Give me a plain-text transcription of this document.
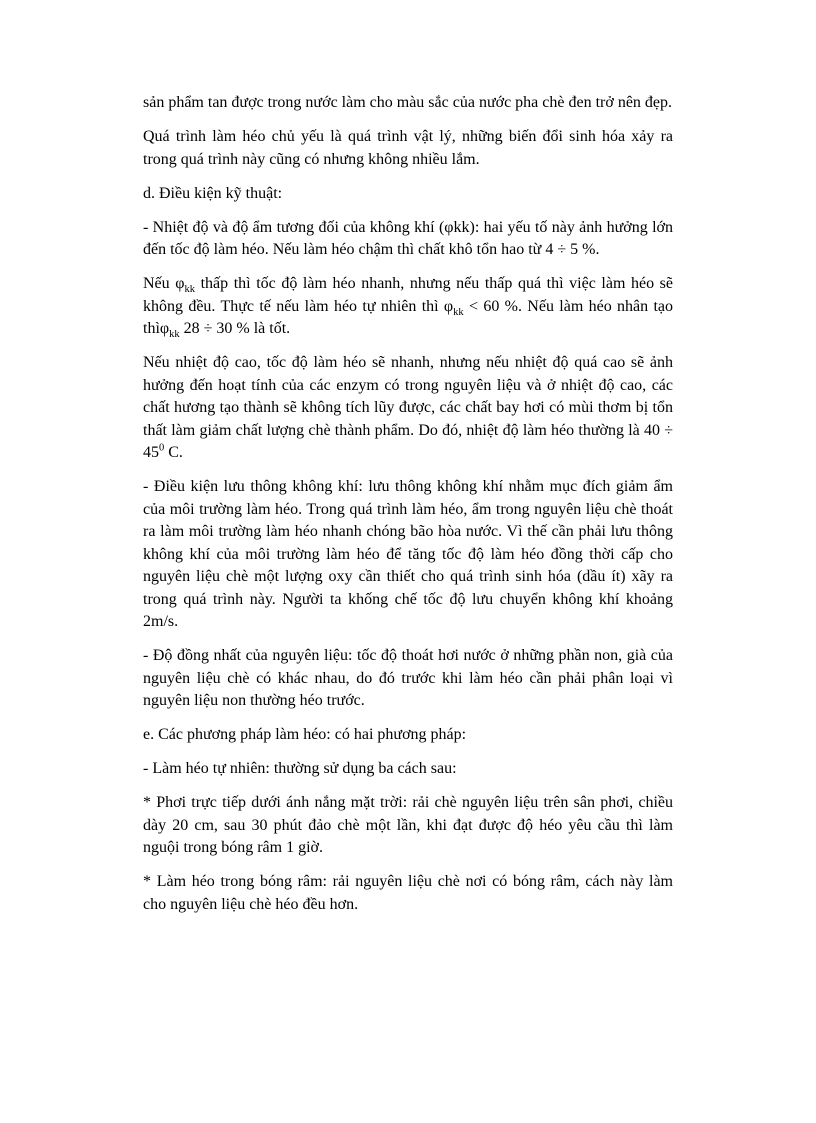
sản phẩm tan được trong nước làm cho màu sắc của nước pha chè đen trở nên đẹp.

Quá trình làm héo chủ yếu là quá trình vật lý, những biến đổi sinh hóa xảy ra trong quá trình này cũng có nhưng không nhiều lắm.

d. Điều kiện kỹ thuật:

- Nhiệt độ và độ ẩm tương đối của không khí (φkk): hai yếu tố này ảnh hưởng lớn đến tốc độ làm héo. Nếu làm héo chậm thì chất khô tổn hao từ 4 ÷ 5 %.

Nếu $\varphi_{kk}$ thấp thì tốc độ làm héo nhanh, nhưng nếu thấp quá thì việc làm héo sẽ không đều. Thực tế nếu làm héo tự nhiên thì $\varphi_{kk} < 60$ %. Nếu làm héo nhân tạo thìφ$_{kk}$ 28 ÷ 30 % là tốt.

Nếu nhiệt độ cao, tốc độ làm héo sẽ nhanh, nhưng nếu nhiệt độ quá cao sẽ ảnh hưởng đến hoạt tính của các enzym có trong nguyên liệu và ở nhiệt độ cao, các chất hương tạo thành sẽ không tích lũy được, các chất bay hơi có mùi thơm bị tổn thất làm giảm chất lượng chè thành phẩm. Do đó, nhiệt độ làm héo thường là $40 \div 45^0$ C.

- Điều kiện lưu thông không khí: lưu thông không khí nhằm mục đích giảm ẩm của môi trường làm héo. Trong quá trình làm héo, ẩm trong nguyên liệu chè thoát ra làm môi trường làm héo nhanh chóng bão hòa nước. Vì thế cần phải lưu thông không khí của môi trường làm héo để tăng tốc độ làm héo đồng thời cấp cho nguyên liệu chè một lượng oxy cần thiết cho quá trình sinh hóa (dầu ít) xãy ra trong quá trình này. Người ta khống chế tốc độ lưu chuyển không khí khoảng 2m/s.

- Độ đồng nhất của nguyên liệu: tốc độ thoát hơi nước ở những phần non, già của nguyên liệu chè có khác nhau, do đó trước khi làm héo cần phải phân loại vì nguyên liệu non thường héo trước.

e. Các phương pháp làm héo: có hai phương pháp:

- Làm héo tự nhiên: thường sử dụng ba cách sau:

* Phơi trực tiếp dưới ánh nắng mặt trời: rải chè nguyên liệu trên sân phơi, chiều dày 20 cm, sau 30 phút đảo chè một lần, khi đạt được độ héo yêu cầu thì làm nguội trong bóng râm 1 giờ.

* Làm héo trong bóng râm: rải nguyên liệu chè nơi có bóng râm, cách này làm cho nguyên liệu chè héo đều hơn.
